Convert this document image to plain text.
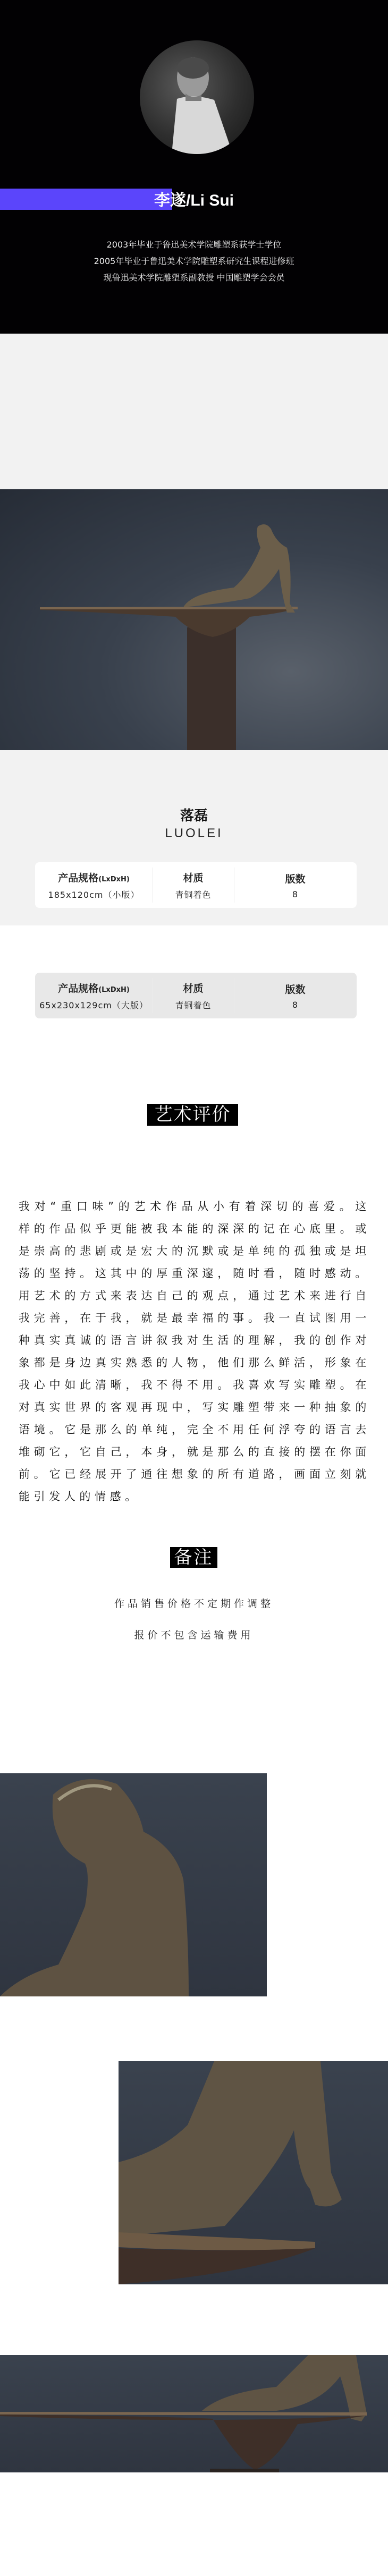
李遂/Li Sui
2003年毕业于鲁迅美术学院雕塑系获学士学位
2005年毕业于鲁迅美术学院雕塑系研究生课程进修班
现鲁迅美术学院雕塑系副教授 中国雕塑学会会员
落磊
LUOLEI
产品规格(LxDxH)
185x120cm（小版）
材质
青铜着色
版数
8
产品规格(LxDxH)
65x230x129cm（大版）
材质
青铜着色
版数
8
艺术评价
我对“重口味”的艺术作品从小有着深切的喜爱。这样的作品似乎更能被我本能的深深的记在心底里。或是崇高的悲剧或是宏大的沉默或是单纯的孤独或是坦荡的坚持。这其中的厚重深邃，随时看，随时感动。用艺术的方式来表达自己的观点，通过艺术来进行自我完善，在于我，就是最幸福的事。我一直试图用一种真实真诚的语言讲叙我对生活的理解，我的创作对象都是身边真实熟悉的人物，他们那么鲜活，形象在我心中如此清晰，我不得不用。我喜欢写实雕塑。在对真实世界的客观再现中，写实雕塑带来一种抽象的语境。它是那么的单纯，完全不用任何浮夸的语言去堆砌它，它自己，本身，就是那么的直接的摆在你面前。它已经展开了通往想象的所有道路，画面立刻就能引发人的情感。
备注
作品销售价格不定期作调整
报价不包含运输费用
